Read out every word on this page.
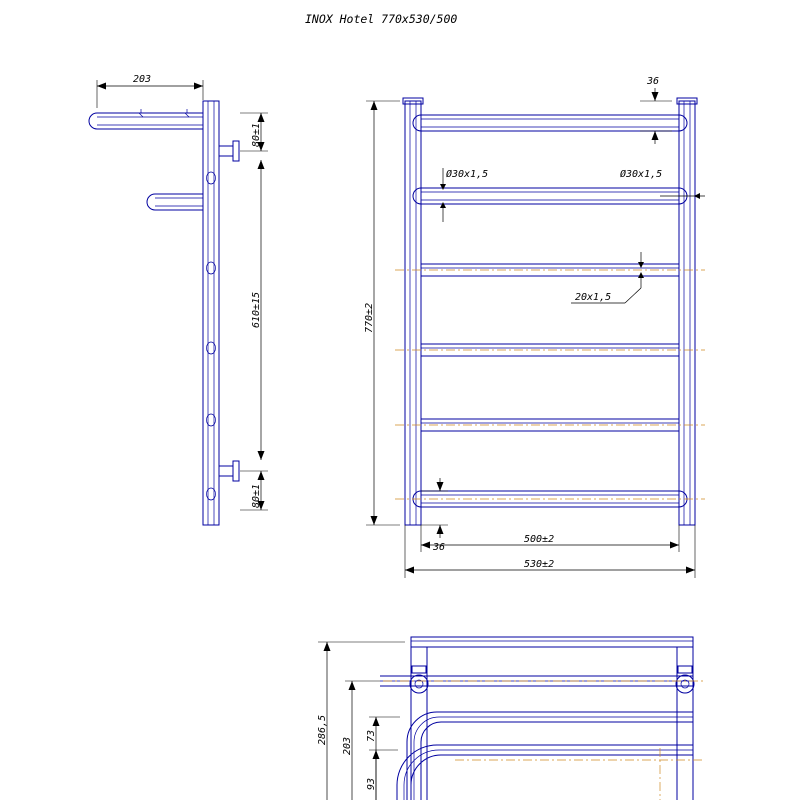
INOX Hotel 770x530/500
203
80±1
610±15
80±1
Ø30x1,5	Ø30x1,5
20x1,5
36
770±2
36
500±2
530±2
286,5
203
73
93
